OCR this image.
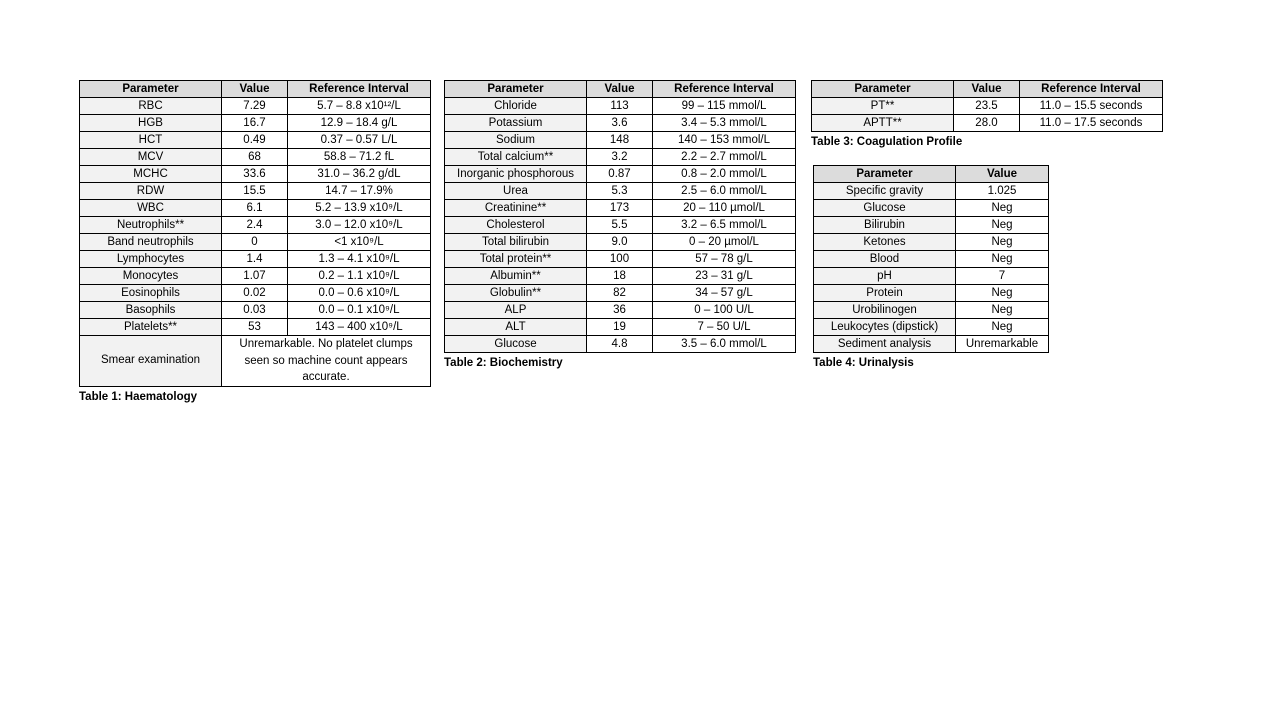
Parameter	Value	Reference Interval
RBC	7.29	5.7 – 8.8 x10¹²/L
HGB	16.7	12.9 – 18.4 g/L
HCT	0.49	0.37 – 0.57 L/L
MCV	68	58.8 – 71.2 fL
MCHC	33.6	31.0 – 36.2 g/dL
RDW	15.5	14.7 – 17.9%
WBC	6.1	5.2 – 13.9 x10⁹/L
Neutrophils**	2.4	3.0 – 12.0 x10⁹/L
Band neutrophils	0	<1 x10⁹/L
Lymphocytes	1.4	1.3 – 4.1 x10⁹/L
Monocytes	1.07	0.2 – 1.1 x10⁹/L
Eosinophils	0.02	0.0 – 0.6 x10⁹/L
Basophils	0.03	0.0 – 0.1 x10⁹/L
Platelets**	53	143 – 400 x10⁹/L
Smear examination	Unremarkable. No platelet clumps seen so machine count appears accurate.	
Table 1: Haematology
Parameter	Value	Reference Interval
Chloride	113	99 – 115 mmol/L
Potassium	3.6	3.4 – 5.3 mmol/L
Sodium	148	140 – 153 mmol/L
Total calcium**	3.2	2.2 – 2.7 mmol/L
Inorganic phosphorous	0.87	0.8 – 2.0 mmol/L
Urea	5.3	2.5 – 6.0 mmol/L
Creatinine**	173	20 – 110 µmol/L
Cholesterol	5.5	3.2 – 6.5 mmol/L
Total bilirubin	9.0	0 – 20 µmol/L
Total protein**	100	57 – 78 g/L
Albumin**	18	23 – 31 g/L
Globulin**	82	34 – 57 g/L
ALP	36	0 – 100 U/L
ALT	19	7 – 50 U/L
Glucose	4.8	3.5 – 6.0 mmol/L
Table 2: Biochemistry
Parameter	Value	Reference Interval
PT**	23.5	11.0 – 15.5 seconds
APTT**	28.0	11.0 – 17.5 seconds
Table 3: Coagulation Profile
Parameter	Value
Specific gravity	1.025
Glucose	Neg
Bilirubin	Neg
Ketones	Neg
Blood	Neg
pH	7
Protein	Neg
Urobilinogen	Neg
Leukocytes (dipstick)	Neg
Sediment analysis	Unremarkable
Table 4: Urinalysis
